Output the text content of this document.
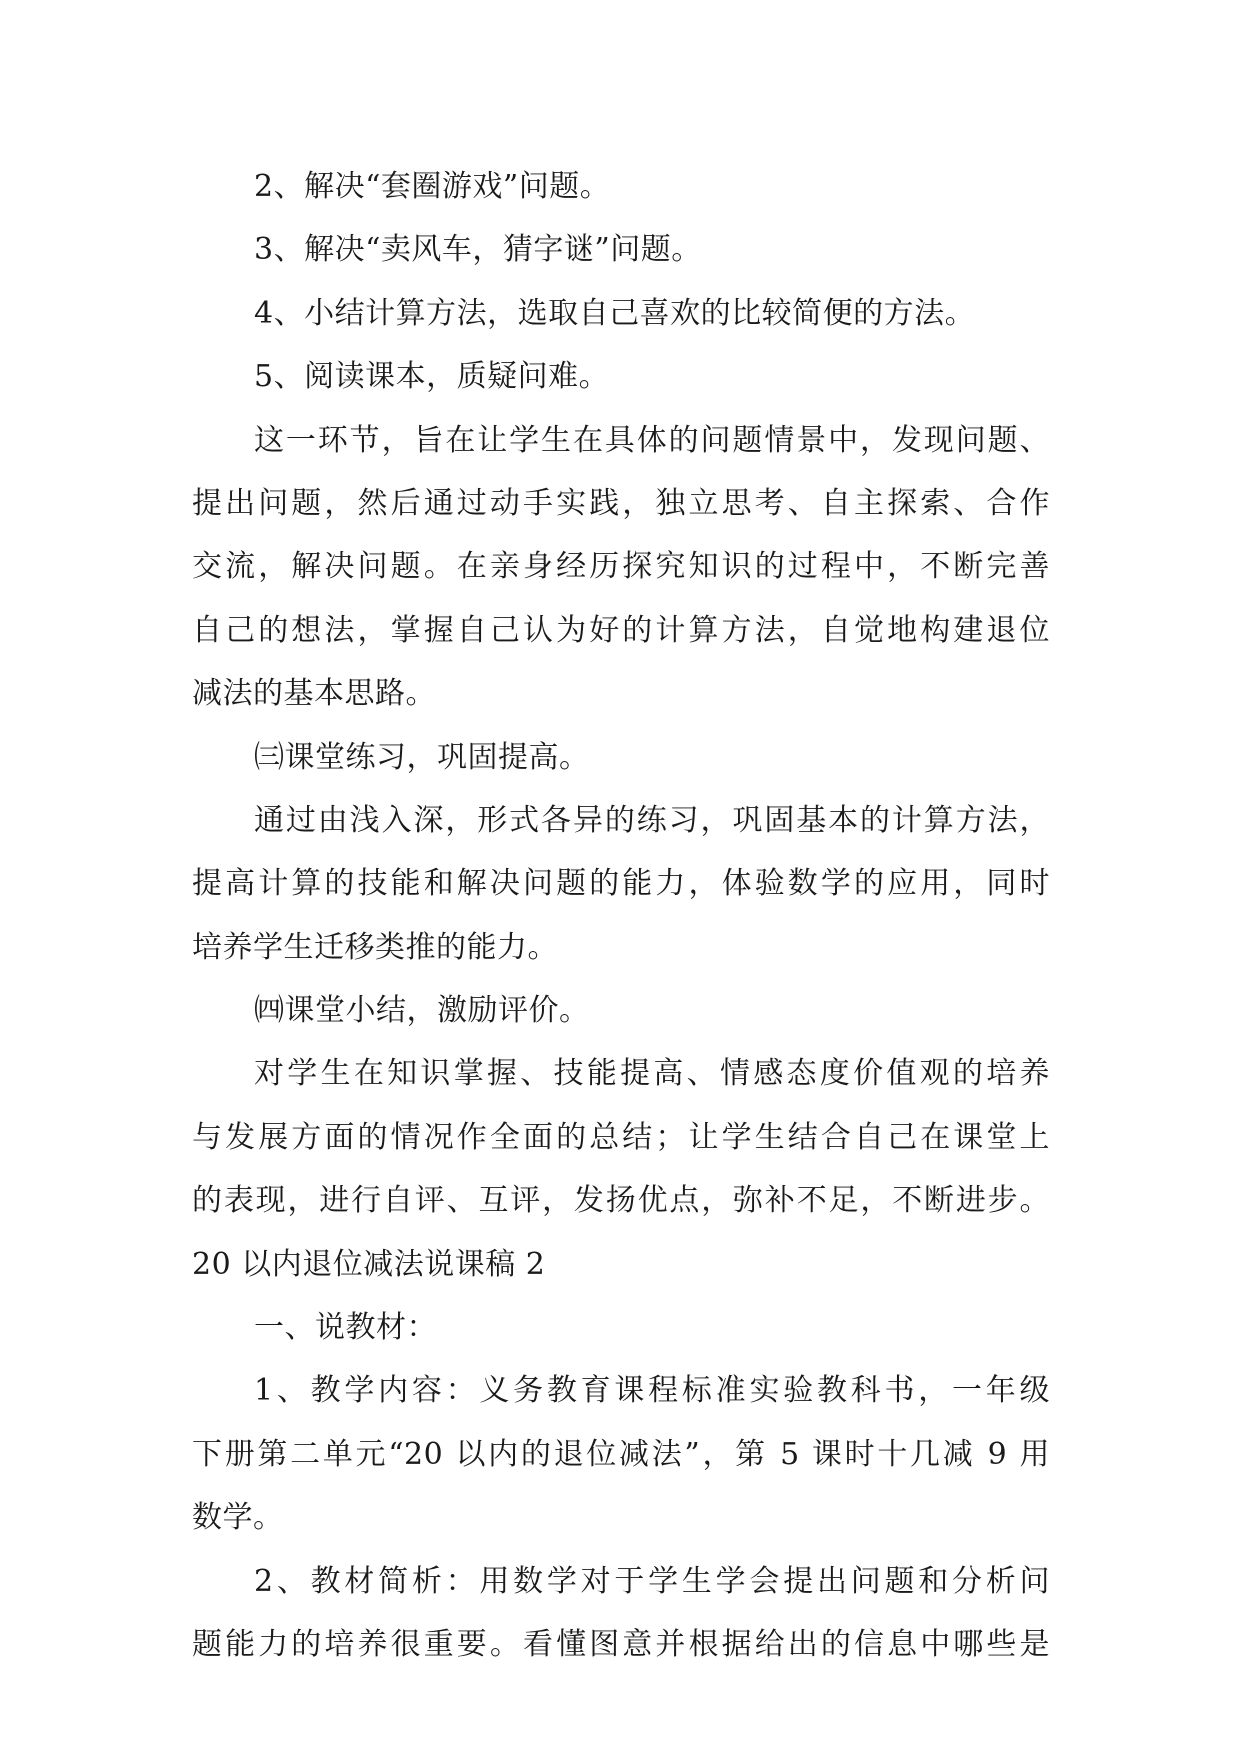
2、解决“套圈游戏”问题。
3、解决“卖风车，猜字谜”问题。
4、小结计算方法，选取自己喜欢的比较简便的方法。
5、阅读课本，质疑问难。
这一环节，旨在让学生在具体的问题情景中，发现问题、
提出问题，然后通过动手实践，独立思考、自主探索、合作
交流，解决问题。在亲身经历探究知识的过程中，不断完善
自己的想法，掌握自己认为好的计算方法，自觉地构建退位
减法的基本思路。
㈢课堂练习，巩固提高。
通过由浅入深，形式各异的练习，巩固基本的计算方法，
提高计算的技能和解决问题的能力，体验数学的应用，同时
培养学生迁移类推的能力。
㈣课堂小结，激励评价。
对学生在知识掌握、技能提高、情感态度价值观的培养
与发展方面的情况作全面的总结；让学生结合自己在课堂上
的表现，进行自评、互评，发扬优点，弥补不足，不断进步。
20 以内退位减法说课稿 2
一、说教材：
1、教学内容：义务教育课程标准实验教科书，一年级
下册第二单元“20 以内的退位减法”，第 5 课时十几减 9 用
数学。
2、教材简析：用数学对于学生学会提出问题和分析问
题能力的培养很重要。看懂图意并根据给出的信息中哪些是
